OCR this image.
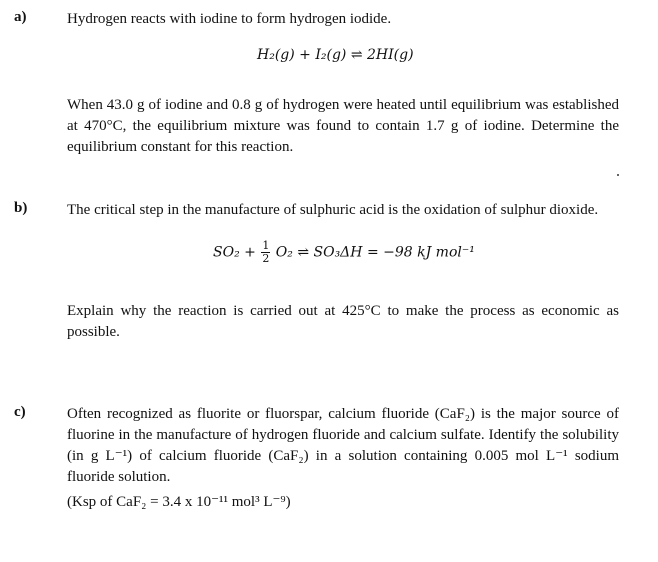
a)	Hydrogen reacts with iodine to form hydrogen iodide.
H₂(g) + I₂(g) ⇌ 2HI(g)
When 43.0 g of iodine and 0.8 g of hydrogen were heated until equilibrium was established at 470°C, the equilibrium mixture was found to contain 1.7 g of iodine. Determine the equilibrium constant for this reaction.
b)	The critical step in the manufacture of sulphuric acid is the oxidation of sulphur dioxide.
$SO_2 + \frac{1}{2} O_2$ ⇌ SO₃ΔH = −98 kJ mol⁻¹
Explain why the reaction is carried out at 425°C to make the process as economic as possible.
c)	Often recognized as fluorite or fluorspar, calcium fluoride (CaF₂) is the major source of fluorine in the manufacture of hydrogen fluoride and calcium sulfate. Identify the solubility (in g L⁻¹) of calcium fluoride (CaF₂) in a solution containing 0.005 mol L⁻¹ sodium fluoride solution.
(Ksp of CaF₂ = 3.4 x 10⁻¹¹ mol³ L⁻⁹)
